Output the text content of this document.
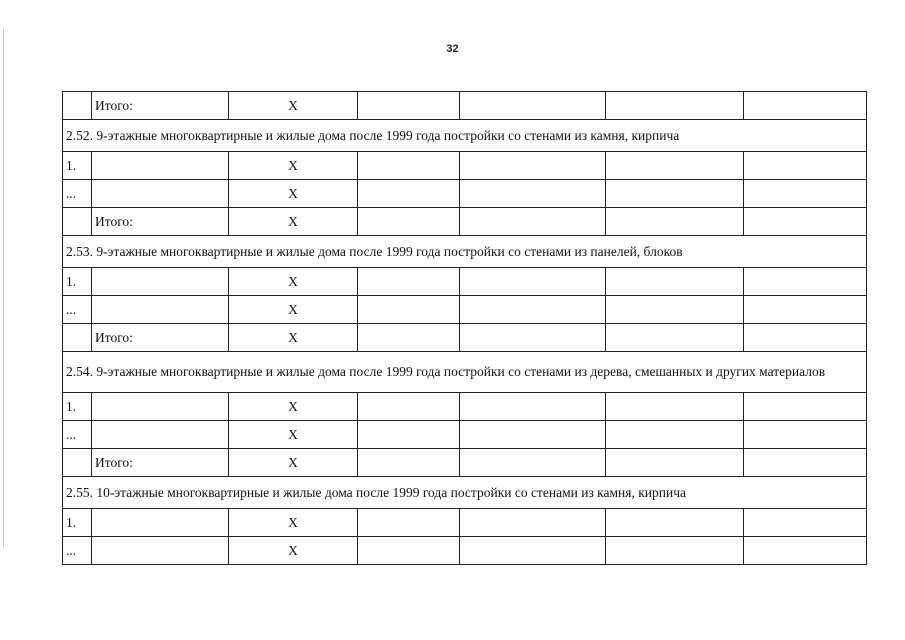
32
	Итого:	Х				
2.52. 9-этажные многоквартирные и жилые дома после 1999 года постройки со стенами из камня, кирпича						
1.		Х				
...		Х				
	Итого:	Х				
2.53. 9-этажные многоквартирные и жилые дома после 1999 года постройки со стенами из панелей, блоков						
1.		Х				
...		Х				
	Итого:	Х				
2.54. 9-этажные многоквартирные и жилые дома после 1999 года постройки со стенами из дерева, смешанных и других материалов						
1.		Х				
...		Х				
	Итого:	Х				
2.55. 10-этажные многоквартирные и жилые дома после 1999 года постройки со стенами из камня, кирпича						
1.		Х				
...		Х				
